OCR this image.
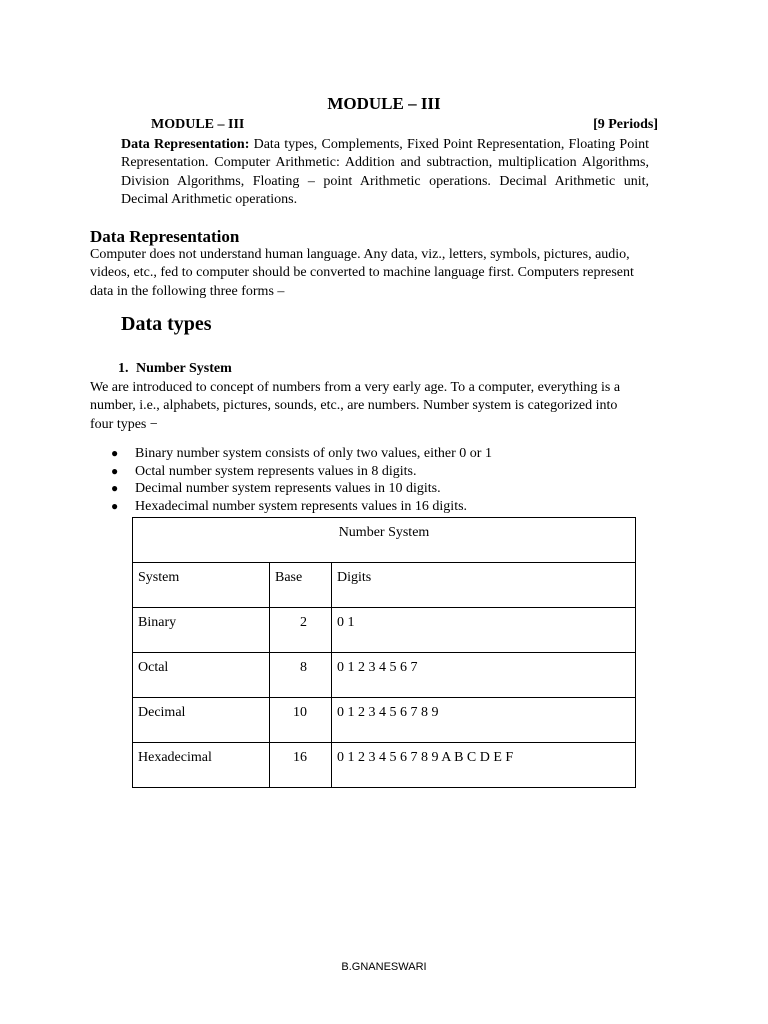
MODULE – III
MODULE – III	[9 Periods]
Data Representation: Data types, Complements, Fixed Point Representation, Floating Point Representation. Computer Arithmetic: Addition and subtraction, multiplication Algorithms, Division Algorithms, Floating – point Arithmetic operations. Decimal Arithmetic unit, Decimal Arithmetic operations.
Data Representation
Computer does not understand human language. Any data, viz., letters, symbols, pictures, audio,
videos, etc., fed to computer should be converted to machine language first. Computers represent
data in the following three forms –
Data types
1. Number System
We are introduced to concept of numbers from a very early age. To a computer, everything is a
number, i.e., alphabets, pictures, sounds, etc., are numbers. Number system is categorized into
four types −
● Binary number system consists of only two values, either 0 or 1
● Octal number system represents values in 8 digits.
● Decimal number system represents values in 10 digits.
● Hexadecimal number system represents values in 16 digits.
Number System		
System	Base	Digits
Binary	2	0 1
Octal	8	0 1 2 3 4 5 6 7
Decimal	10	0 1 2 3 4 5 6 7 8 9
Hexadecimal	16	0 1 2 3 4 5 6 7 8 9 A B C D E F
B.GNANESWARI
